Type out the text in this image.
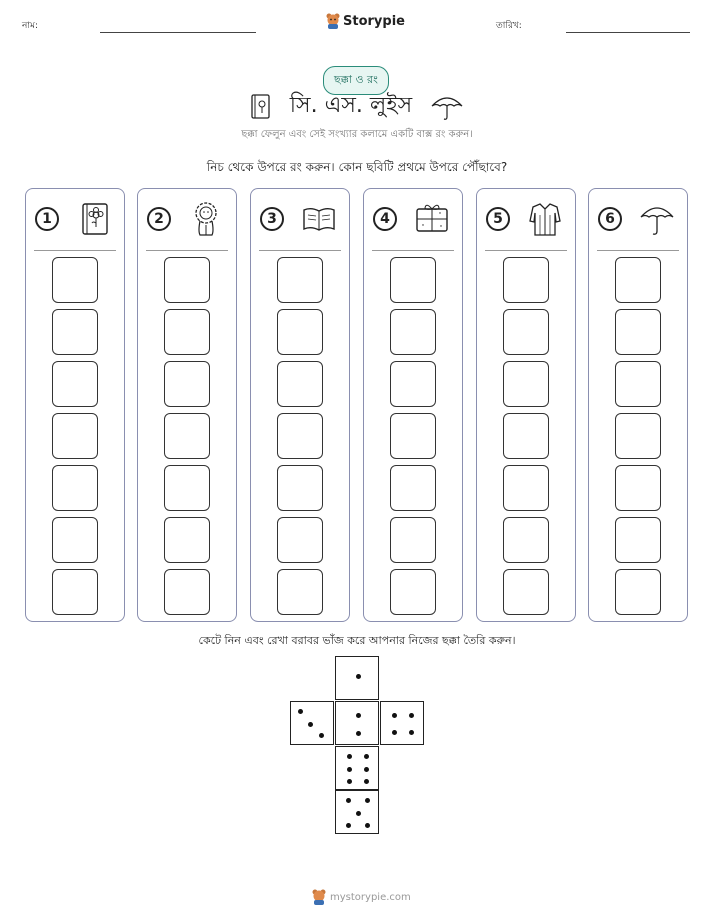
নাম:	Storypie	তারিখ:
ছক্কা ও রং
সি. এস. লুইস
ছক্কা ফেলুন এবং সেই সংখ্যার কলামে একটি বাক্স রং করুন।
নিচ থেকে উপরে রং করুন। কোন ছবিটি প্রথমে উপরে পৌঁছাবে?
1	2	3	4	5	6
কেটে নিন এবং রেখা বরাবর ভাঁজ করে আপনার নিজের ছক্কা তৈরি করুন।
mystorypie.com
